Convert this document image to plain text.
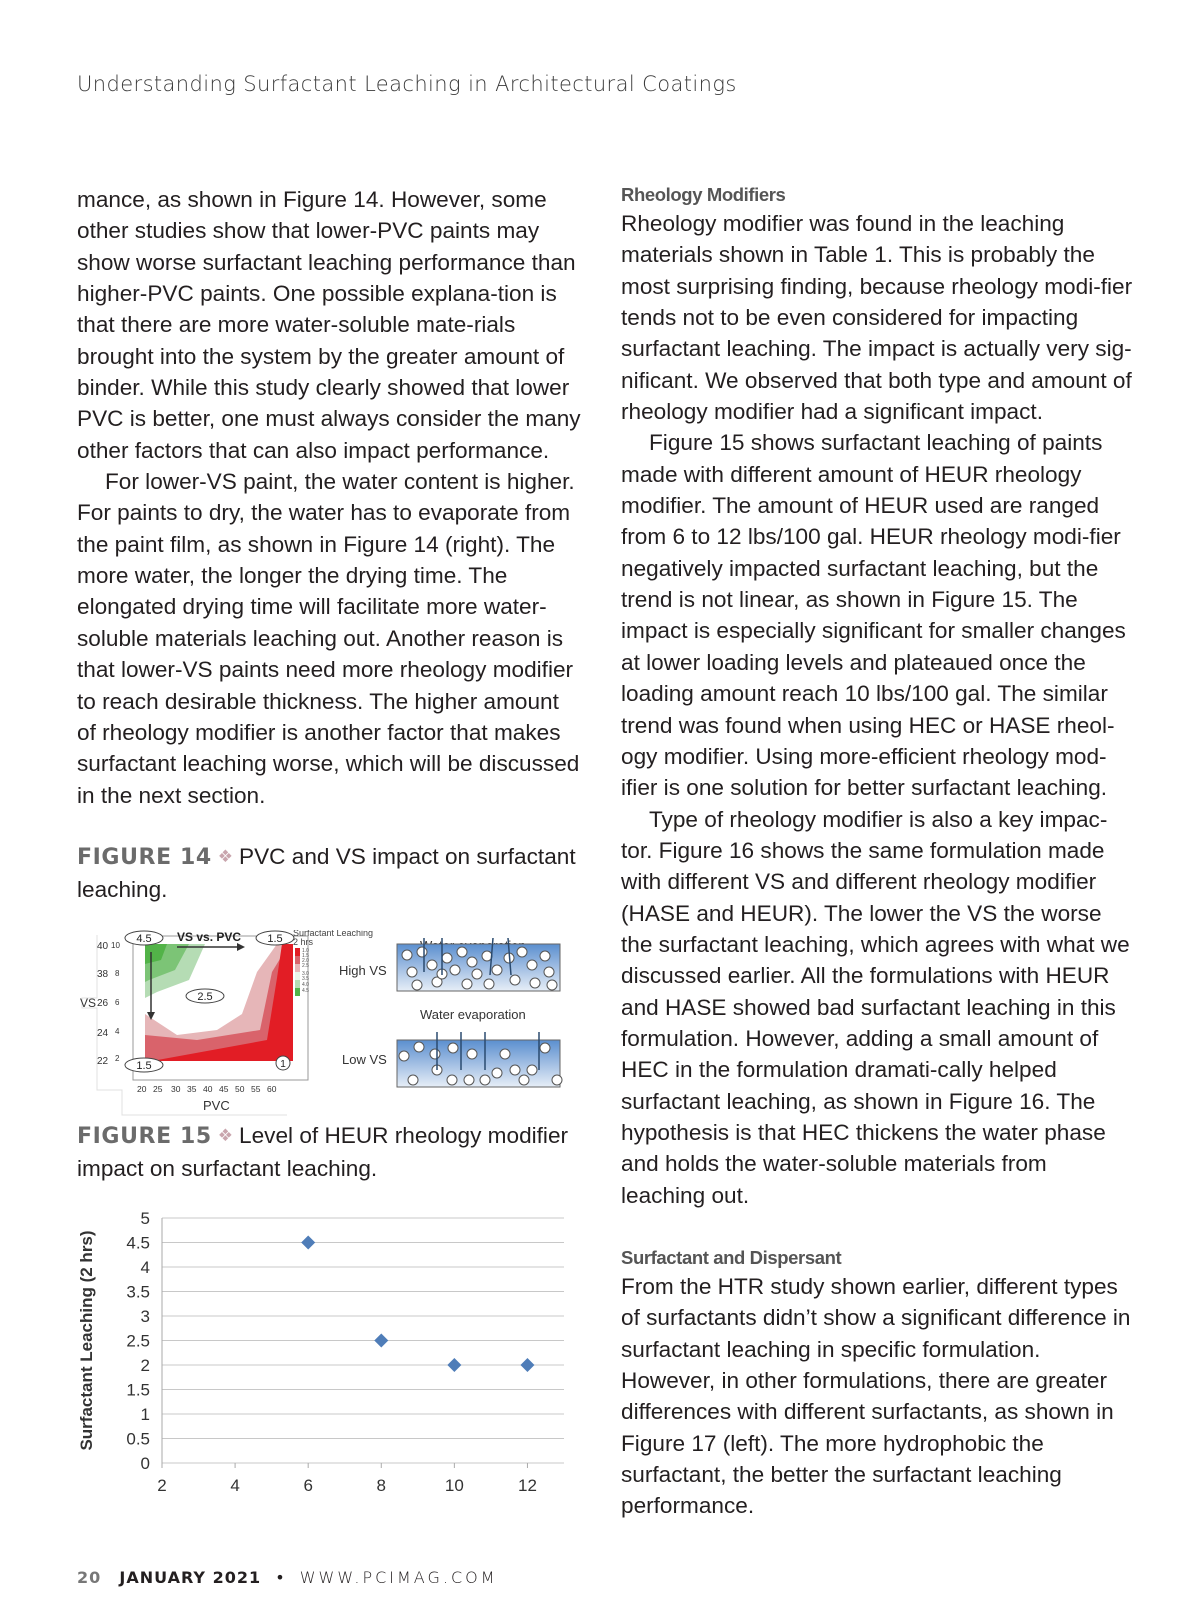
Understanding Surfactant Leaching in Architectural Coatings

mance, as shown in Figure 14. However, some other studies show that lower-PVC paints may show worse surfactant leaching performance than higher-PVC paints. One possible explana-tion is that there are more water-soluble mate-rials brought into the system by the greater amount of binder. While this study clearly showed that lower PVC is better, one must always consider the many other factors that can also impact performance.

For lower-VS paint, the water content is higher. For paints to dry, the water has to evaporate from the paint film, as shown in Figure 14 (right). The more water, the longer the drying time. The elongated drying time will facilitate more water-soluble materials leaching out. Another reason is that lower-VS paints need more rheology modifier to reach desirable thickness. The higher amount of rheology modifier is another factor that makes surfactant leaching worse, which will be discussed in the next section.

FIGURE 14 ❖ PVC and VS impact on surfactant leaching.

VS vs. PVC
4.5	1.5
2.5
1.5	1
40 10
38 8
VS 26 6
24 4
22 2
20 25 30 35 40 45 50 55 60
PVC
Surfactant Leaching
2 hrs
1.0
1.5
2.0
2.5
3.0
3.5
4.0
4.5
High VS
Water evaporation
Low VS

FIGURE 15 ❖ Level of HEUR rheology modifier impact on surfactant leaching.

0
0.5
1
1.5
2
2.5
3
3.5
4
4.5
5
2	4	6	8	10	12
Surfactant Leaching (2 hrs)
Rheology Modifiers

Rheology modifier was found in the leaching materials shown in Table 1. This is probably the most surprising finding, because rheology modi-fier tends not to be even considered for impacting surfactant leaching. The impact is actually very sig-nificant. We observed that both type and amount of rheology modifier had a significant impact.

Figure 15 shows surfactant leaching of paints made with different amount of HEUR rheology modifier. The amount of HEUR used are ranged from 6 to 12 lbs/100 gal. HEUR rheology modi-fier negatively impacted surfactant leaching, but the trend is not linear, as shown in Figure 15. The impact is especially significant for smaller changes at lower loading levels and plateaued once the loading amount reach 10 lbs/100 gal. The similar trend was found when using HEC or HASE rheol-ogy modifier. Using more-efficient rheology mod-ifier is one solution for better surfactant leaching.

Type of rheology modifier is also a key impac-tor. Figure 16 shows the same formulation made with different VS and different rheology modifier (HASE and HEUR). The lower the VS the worse the surfactant leaching, which agrees with what we discussed earlier. All the formulations with HEUR and HASE showed bad surfactant leaching in this formulation. However, adding a small amount of HEC in the formulation dramati-cally helped surfactant leaching, as shown in Figure 16. The hypothesis is that HEC thickens the water phase and holds the water-soluble materials from leaching out.

Surfactant and Dispersant

From the HTR study shown earlier, different types of surfactants didn’t show a significant difference in surfactant leaching in specific formulation. However, in other formulations, there are greater differences with different surfactants, as shown in Figure 17 (left). The more hydrophobic the surfactant, the better the surfactant leaching performance.

20 JANUARY 2021 • WWW.PCIMAG.COM
